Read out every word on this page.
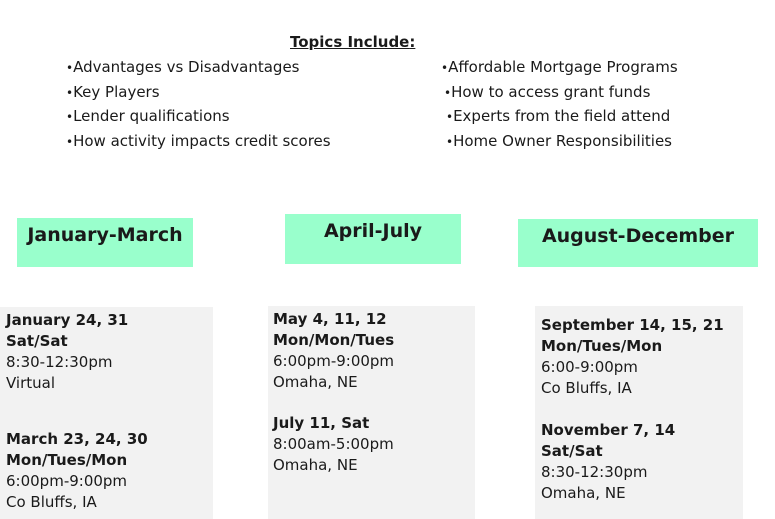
Topics Include:
•Advantages vs Disadvantages
•Key Players
•Lender qualifications
•How activity impacts credit scores
•Affordable Mortgage Programs
•How to access grant funds
•Experts from the field attend
•Home Owner Responsibilities
January-March	April-July	August-December
January 24, 31
Sat/Sat
8:30-12:30pm
Virtual
March 23, 24, 30
Mon/Tues/Mon
6:00pm-9:00pm
Co Bluffs, IA
May 4, 11, 12
Mon/Mon/Tues
6:00pm-9:00pm
Omaha, NE
July 11, Sat
8:00am-5:00pm
Omaha, NE
September 14, 15, 21
Mon/Tues/Mon
6:00-9:00pm
Co Bluffs, IA
November 7, 14
Sat/Sat
8:30-12:30pm
Omaha, NE
